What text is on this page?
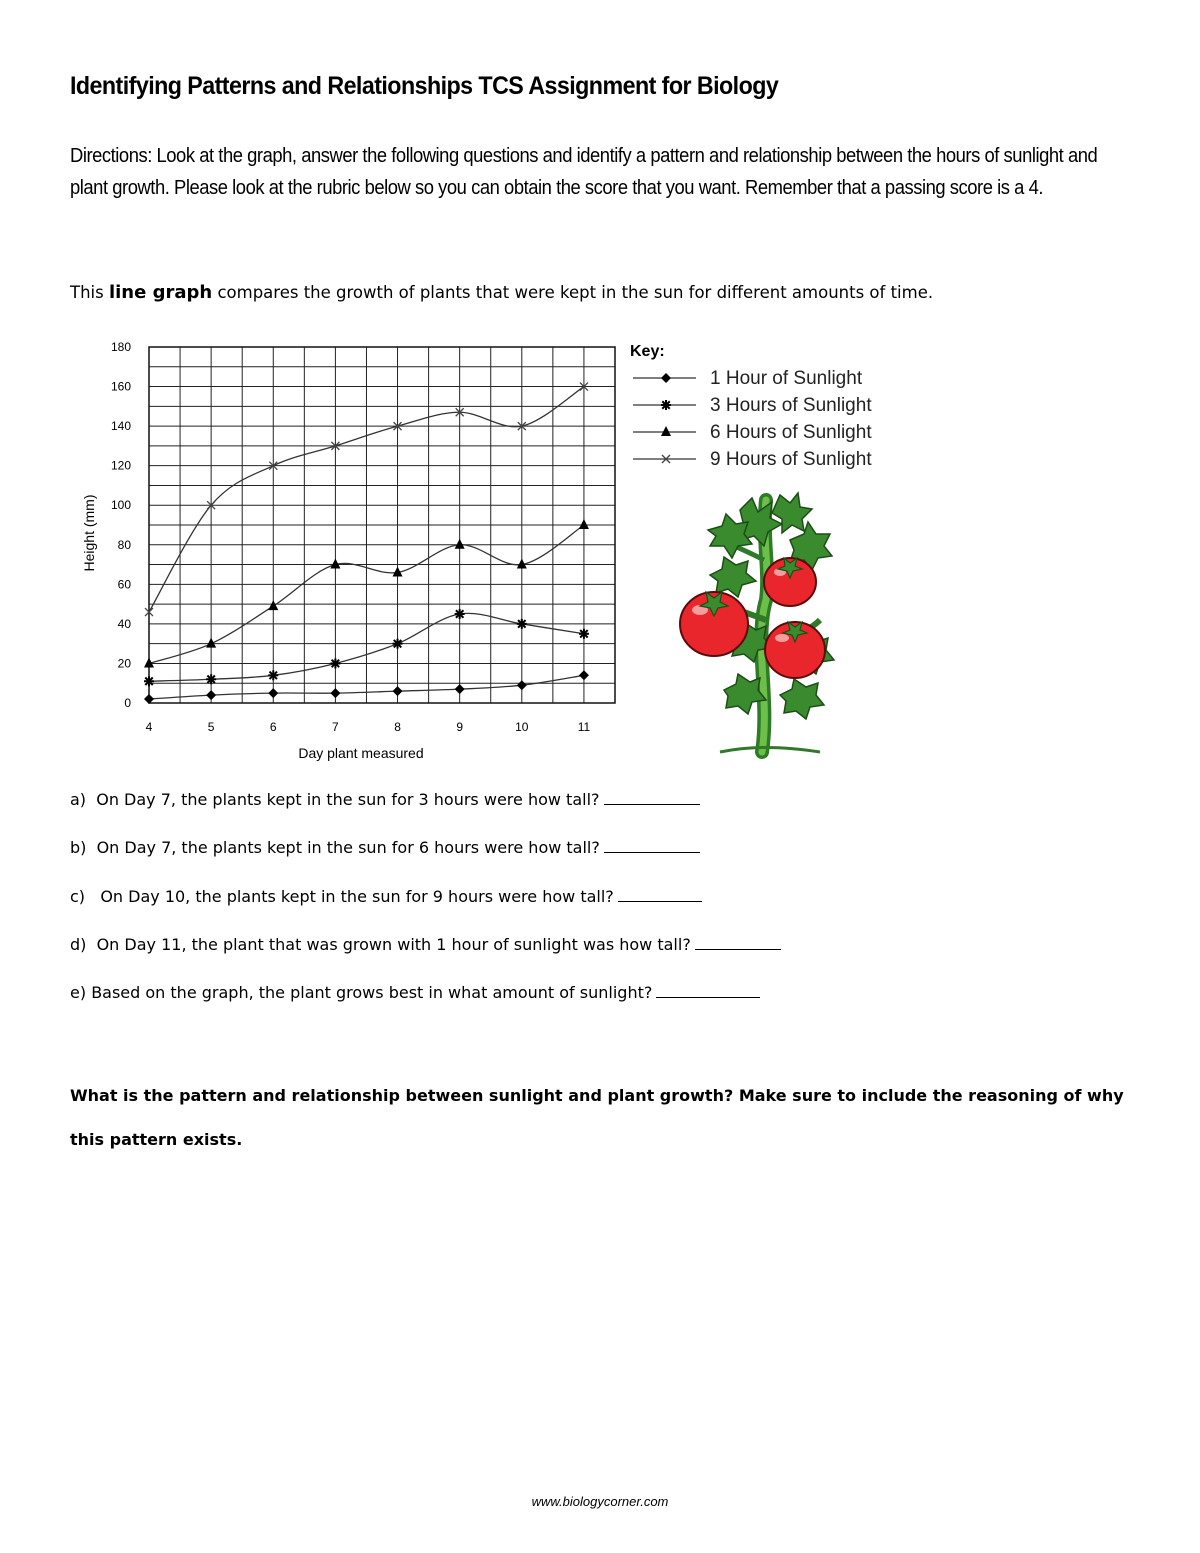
Identifying Patterns and Relationships TCS Assignment for Biology
Directions: Look at the graph, answer the following questions and identify a pattern and relationship between the hours of sunlight and plant growth. Please look at the rubric below so you can obtain the score that you want. Remember that a passing score is a 4.
This line graph compares the growth of plants that were kept in the sun for different amounts of time.
0
20
40
60
80
100
120
140
160
180
4	5	6	7	8	9	10	11
1 Hour of Sunlight
3 Hours of Sunlight
6 Hours of Sunlight
9 Hours of Sunlight
Day plant measured
Height (mm)
Key:
a) On Day 7, the plants kept in the sun for 3 hours were how tall?
b) On Day 7, the plants kept in the sun for 6 hours were how tall?
c) On Day 10, the plants kept in the sun for 9 hours were how tall?
d) On Day 11, the plant that was grown with 1 hour of sunlight was how tall?
e) Based on the graph, the plant grows best in what amount of sunlight?
What is the pattern and relationship between sunlight and plant growth? Make sure to include the reasoning of why this pattern exists.
www.biologycorner.com
